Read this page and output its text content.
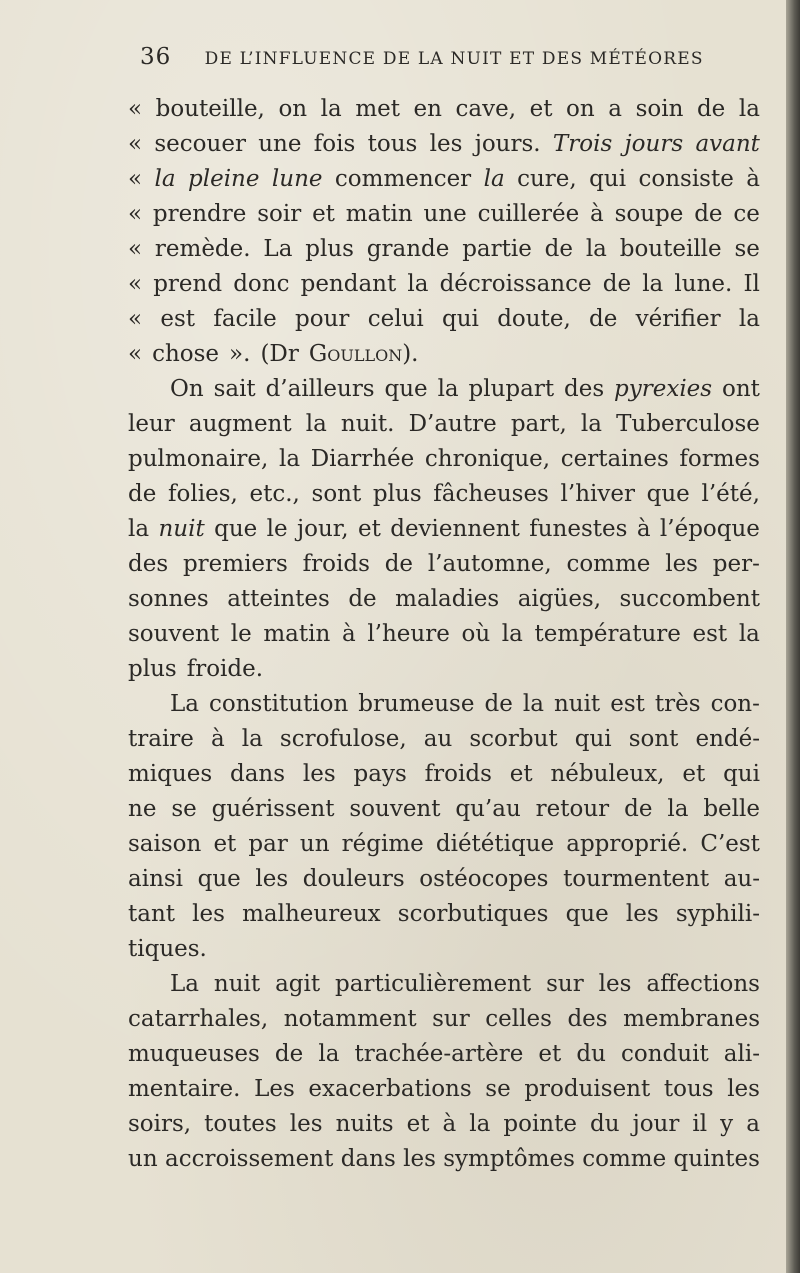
36 DE L’INFLUENCE DE LA NUIT ET DES MÉTÉORES
« bouteille, on la met en cave, et on a soin de la
« secouer une fois tous les jours. Trois jours avant
« la pleine lune commencer la cure, qui consiste à
« prendre soir et matin une cuillerée à soupe de ce
« remède. La plus grande partie de la bouteille se
« prend donc pendant la décroissance de la lune. Il
« est facile pour celui qui doute, de vérifier la
« chose ». (Dr Goullon).
On sait d’ailleurs que la plupart des pyrexies ont
leur augment la nuit. D’autre part, la Tuberculose
pulmonaire, la Diarrhée chronique, certaines formes
de folies, etc., sont plus fâcheuses l’hiver que l’été,
la nuit que le jour, et deviennent funestes à l’époque
des premiers froids de l’automne, comme les per-
sonnes atteintes de maladies aigües, succombent
souvent le matin à l’heure où la température est la
plus froide.
La constitution brumeuse de la nuit est très con-
traire à la scrofulose, au scorbut qui sont endé-
miques dans les pays froids et nébuleux, et qui
ne se guérissent souvent qu’au retour de la belle
saison et par un régime diététique approprié. C’est
ainsi que les douleurs ostéocopes tourmentent au-
tant les malheureux scorbutiques que les syphili-
tiques.
La nuit agit particulièrement sur les affections
catarrhales, notamment sur celles des membranes
muqueuses de la trachée-artère et du conduit ali-
mentaire. Les exacerbations se produisent tous les
soirs, toutes les nuits et à la pointe du jour il y a
un accroissement dans les symptômes comme quintes
